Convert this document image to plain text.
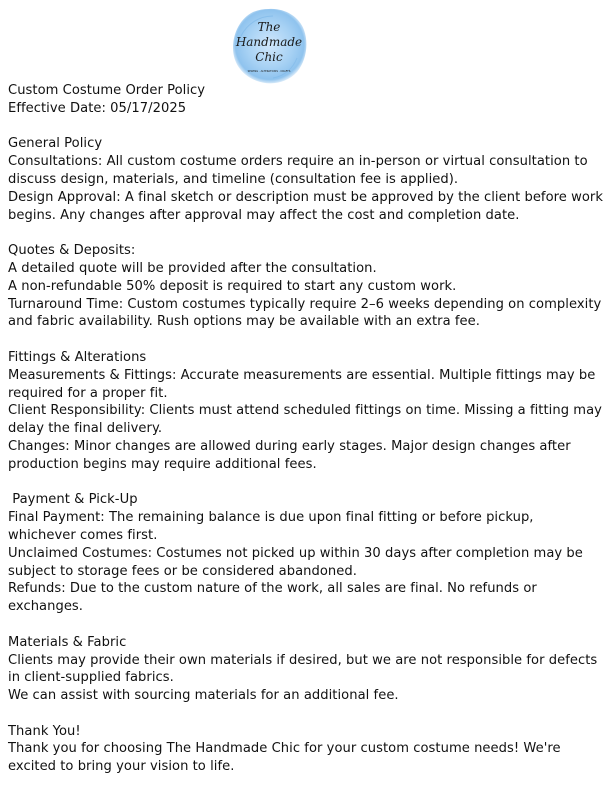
The
Handmade
Chic
SEWING · ALTERATIONS · CRAFTS

Custom Costume Order Policy

Effective Date: 05/17/2025

General Policy

Consultations: All custom costume orders require an in-person or virtual consultation to discuss design, materials, and timeline (consultation fee is applied).

Design Approval: A final sketch or description must be approved by the client before work begins. Any changes after approval may affect the cost and completion date.

Quotes & Deposits:

A detailed quote will be provided after the consultation.

A non-refundable 50% deposit is required to start any custom work.

Turnaround Time: Custom costumes typically require 2–6 weeks depending on complexity and fabric availability. Rush options may be available with an extra fee.

Fittings & Alterations

Measurements & Fittings: Accurate measurements are essential. Multiple fittings may be required for a proper fit.

Client Responsibility: Clients must attend scheduled fittings on time. Missing a fitting may delay the final delivery.

Changes: Minor changes are allowed during early stages. Major design changes after production begins may require additional fees.

Payment & Pick-Up

Final Payment: The remaining balance is due upon final fitting or before pickup, whichever comes first.

Unclaimed Costumes: Costumes not picked up within 30 days after completion may be subject to storage fees or be considered abandoned.

Refunds: Due to the custom nature of the work, all sales are final. No refunds or exchanges.

Materials & Fabric

Clients may provide their own materials if desired, but we are not responsible for defects in client-supplied fabrics.

We can assist with sourcing materials for an additional fee.

Thank You!

Thank you for choosing The Handmade Chic for your custom costume needs! We're excited to bring your vision to life.
